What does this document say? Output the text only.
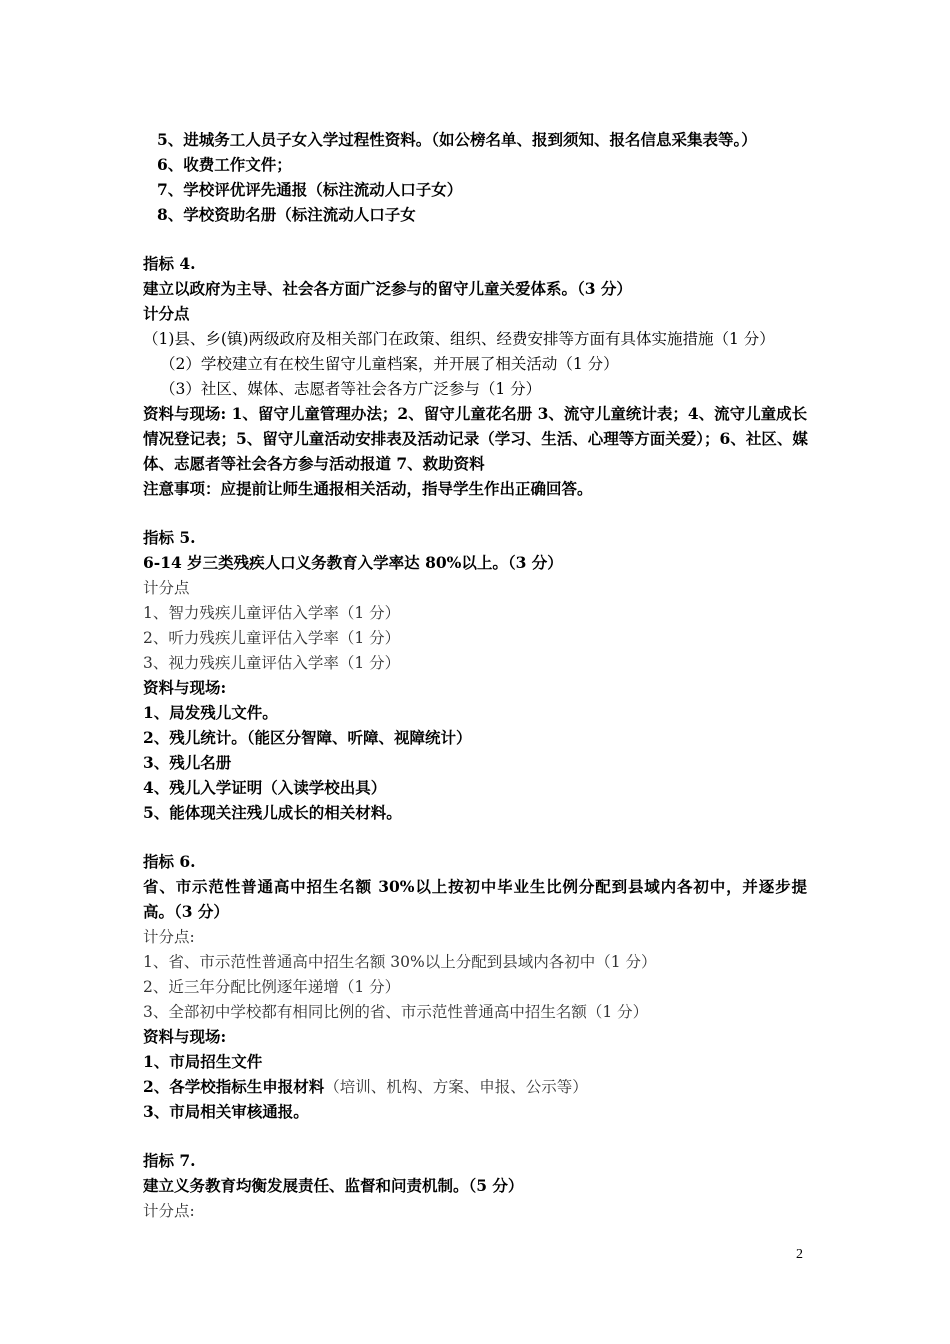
5、进城务工人员子女入学过程性资料。（如公榜名单、报到须知、报名信息采集表等。）
6、收费工作文件；
7、学校评优评先通报（标注流动人口子女）
8、学校资助名册（标注流动人口子女
指标 4.
建立以政府为主导、社会各方面广泛参与的留守儿童关爱体系。（3 分）
计分点
（1)县、乡(镇)两级政府及相关部门在政策、组织、经费安排等方面有具体实施措施（1 分）
（2）学校建立有在校生留守儿童档案，并开展了相关活动（1 分）
（3）社区、媒体、志愿者等社会各方广泛参与（1 分）
资料与现场: 1、留守儿童管理办法；2、留守儿童花名册 3、流守儿童统计表；4、流守儿童成长
情况登记表；5、留守儿童活动安排表及活动记录（学习、生活、心理等方面关爱）；6、社区、媒
体、志愿者等社会各方参与活动报道 7、救助资料
注意事项：应提前让师生通报相关活动，指导学生作出正确回答。
指标 5.
6-14 岁三类残疾人口义务教育入学率达 80%以上。（3 分）
计分点
1、智力残疾儿童评估入学率（1 分）
2、听力残疾儿童评估入学率（1 分）
3、视力残疾儿童评估入学率（1 分）
资料与现场:
1、局发残儿文件。
2、残儿统计。（能区分智障、听障、视障统计）
3、残儿名册
4、残儿入学证明（入读学校出具）
5、能体现关注残儿成长的相关材料。
指标 6.
省、市示范性普通高中招生名额 30%以上按初中毕业生比例分配到县域内各初中，并逐步提
高。（3 分）
计分点:
1、省、市示范性普通高中招生名额 30%以上分配到县域内各初中（1 分）
2、近三年分配比例逐年递增（1 分）
3、全部初中学校都有相同比例的省、市示范性普通高中招生名额（1 分）
资料与现场:
1、市局招生文件
2、各学校指标生申报材料（培训、机构、方案、申报、公示等）
3、市局相关审核通报。
指标 7.
建立义务教育均衡发展责任、监督和问责机制。（5 分）
计分点:
2
